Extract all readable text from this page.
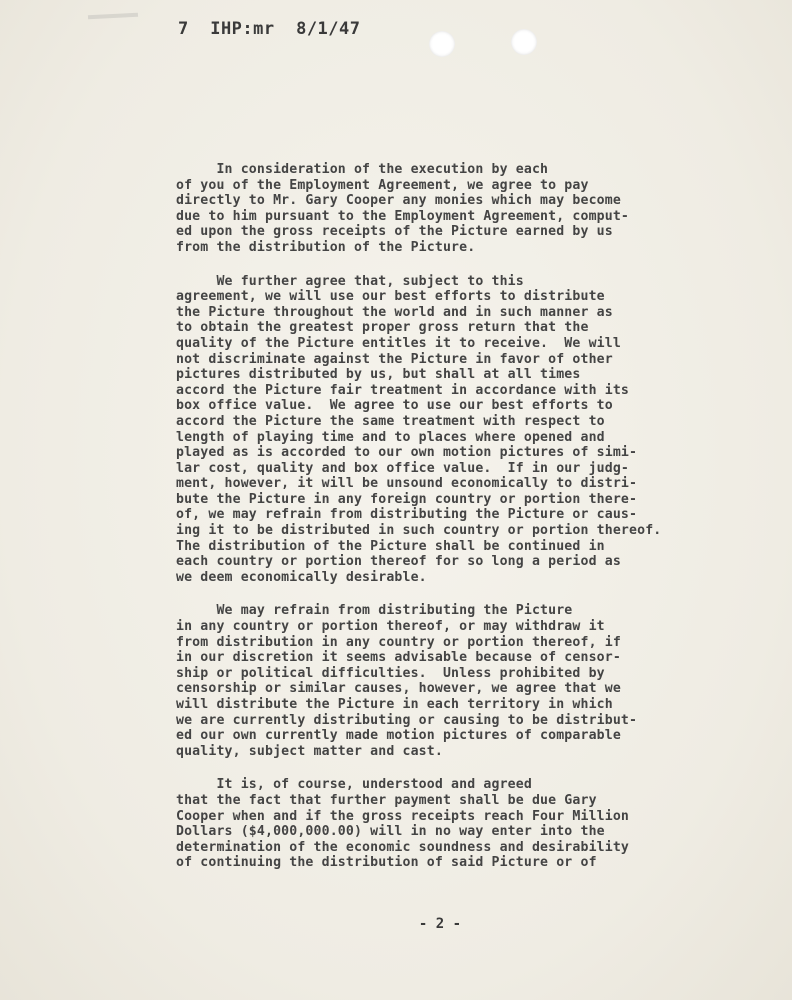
7  IHP:mr  8/1/47
In consideration of the execution by each
of you of the Employment Agreement, we agree to pay
directly to Mr. Gary Cooper any monies which may become
due to him pursuant to the Employment Agreement, comput-
ed upon the gross receipts of the Picture earned by us
from the distribution of the Picture.
We further agree that, subject to this
agreement, we will use our best efforts to distribute
the Picture throughout the world and in such manner as
to obtain the greatest proper gross return that the
quality of the Picture entitles it to receive.  We will
not discriminate against the Picture in favor of other
pictures distributed by us, but shall at all times
accord the Picture fair treatment in accordance with its
box office value.  We agree to use our best efforts to
accord the Picture the same treatment with respect to
length of playing time and to places where opened and
played as is accorded to our own motion pictures of simi-
lar cost, quality and box office value.  If in our judg-
ment, however, it will be unsound economically to distri-
bute the Picture in any foreign country or portion there-
of, we may refrain from distributing the Picture or caus-
ing it to be distributed in such country or portion thereof.
The distribution of the Picture shall be continued in
each country or portion thereof for so long a period as
we deem economically desirable.
We may refrain from distributing the Picture
in any country or portion thereof, or may withdraw it
from distribution in any country or portion thereof, if
in our discretion it seems advisable because of censor-
ship or political difficulties.  Unless prohibited by
censorship or similar causes, however, we agree that we
will distribute the Picture in each territory in which
we are currently distributing or causing to be distribut-
ed our own currently made motion pictures of comparable
quality, subject matter and cast.
It is, of course, understood and agreed
that the fact that further payment shall be due Gary
Cooper when and if the gross receipts reach Four Million
Dollars ($4,000,000.00) will in no way enter into the
determination of the economic soundness and desirability
of continuing the distribution of said Picture or of
- 2 -
